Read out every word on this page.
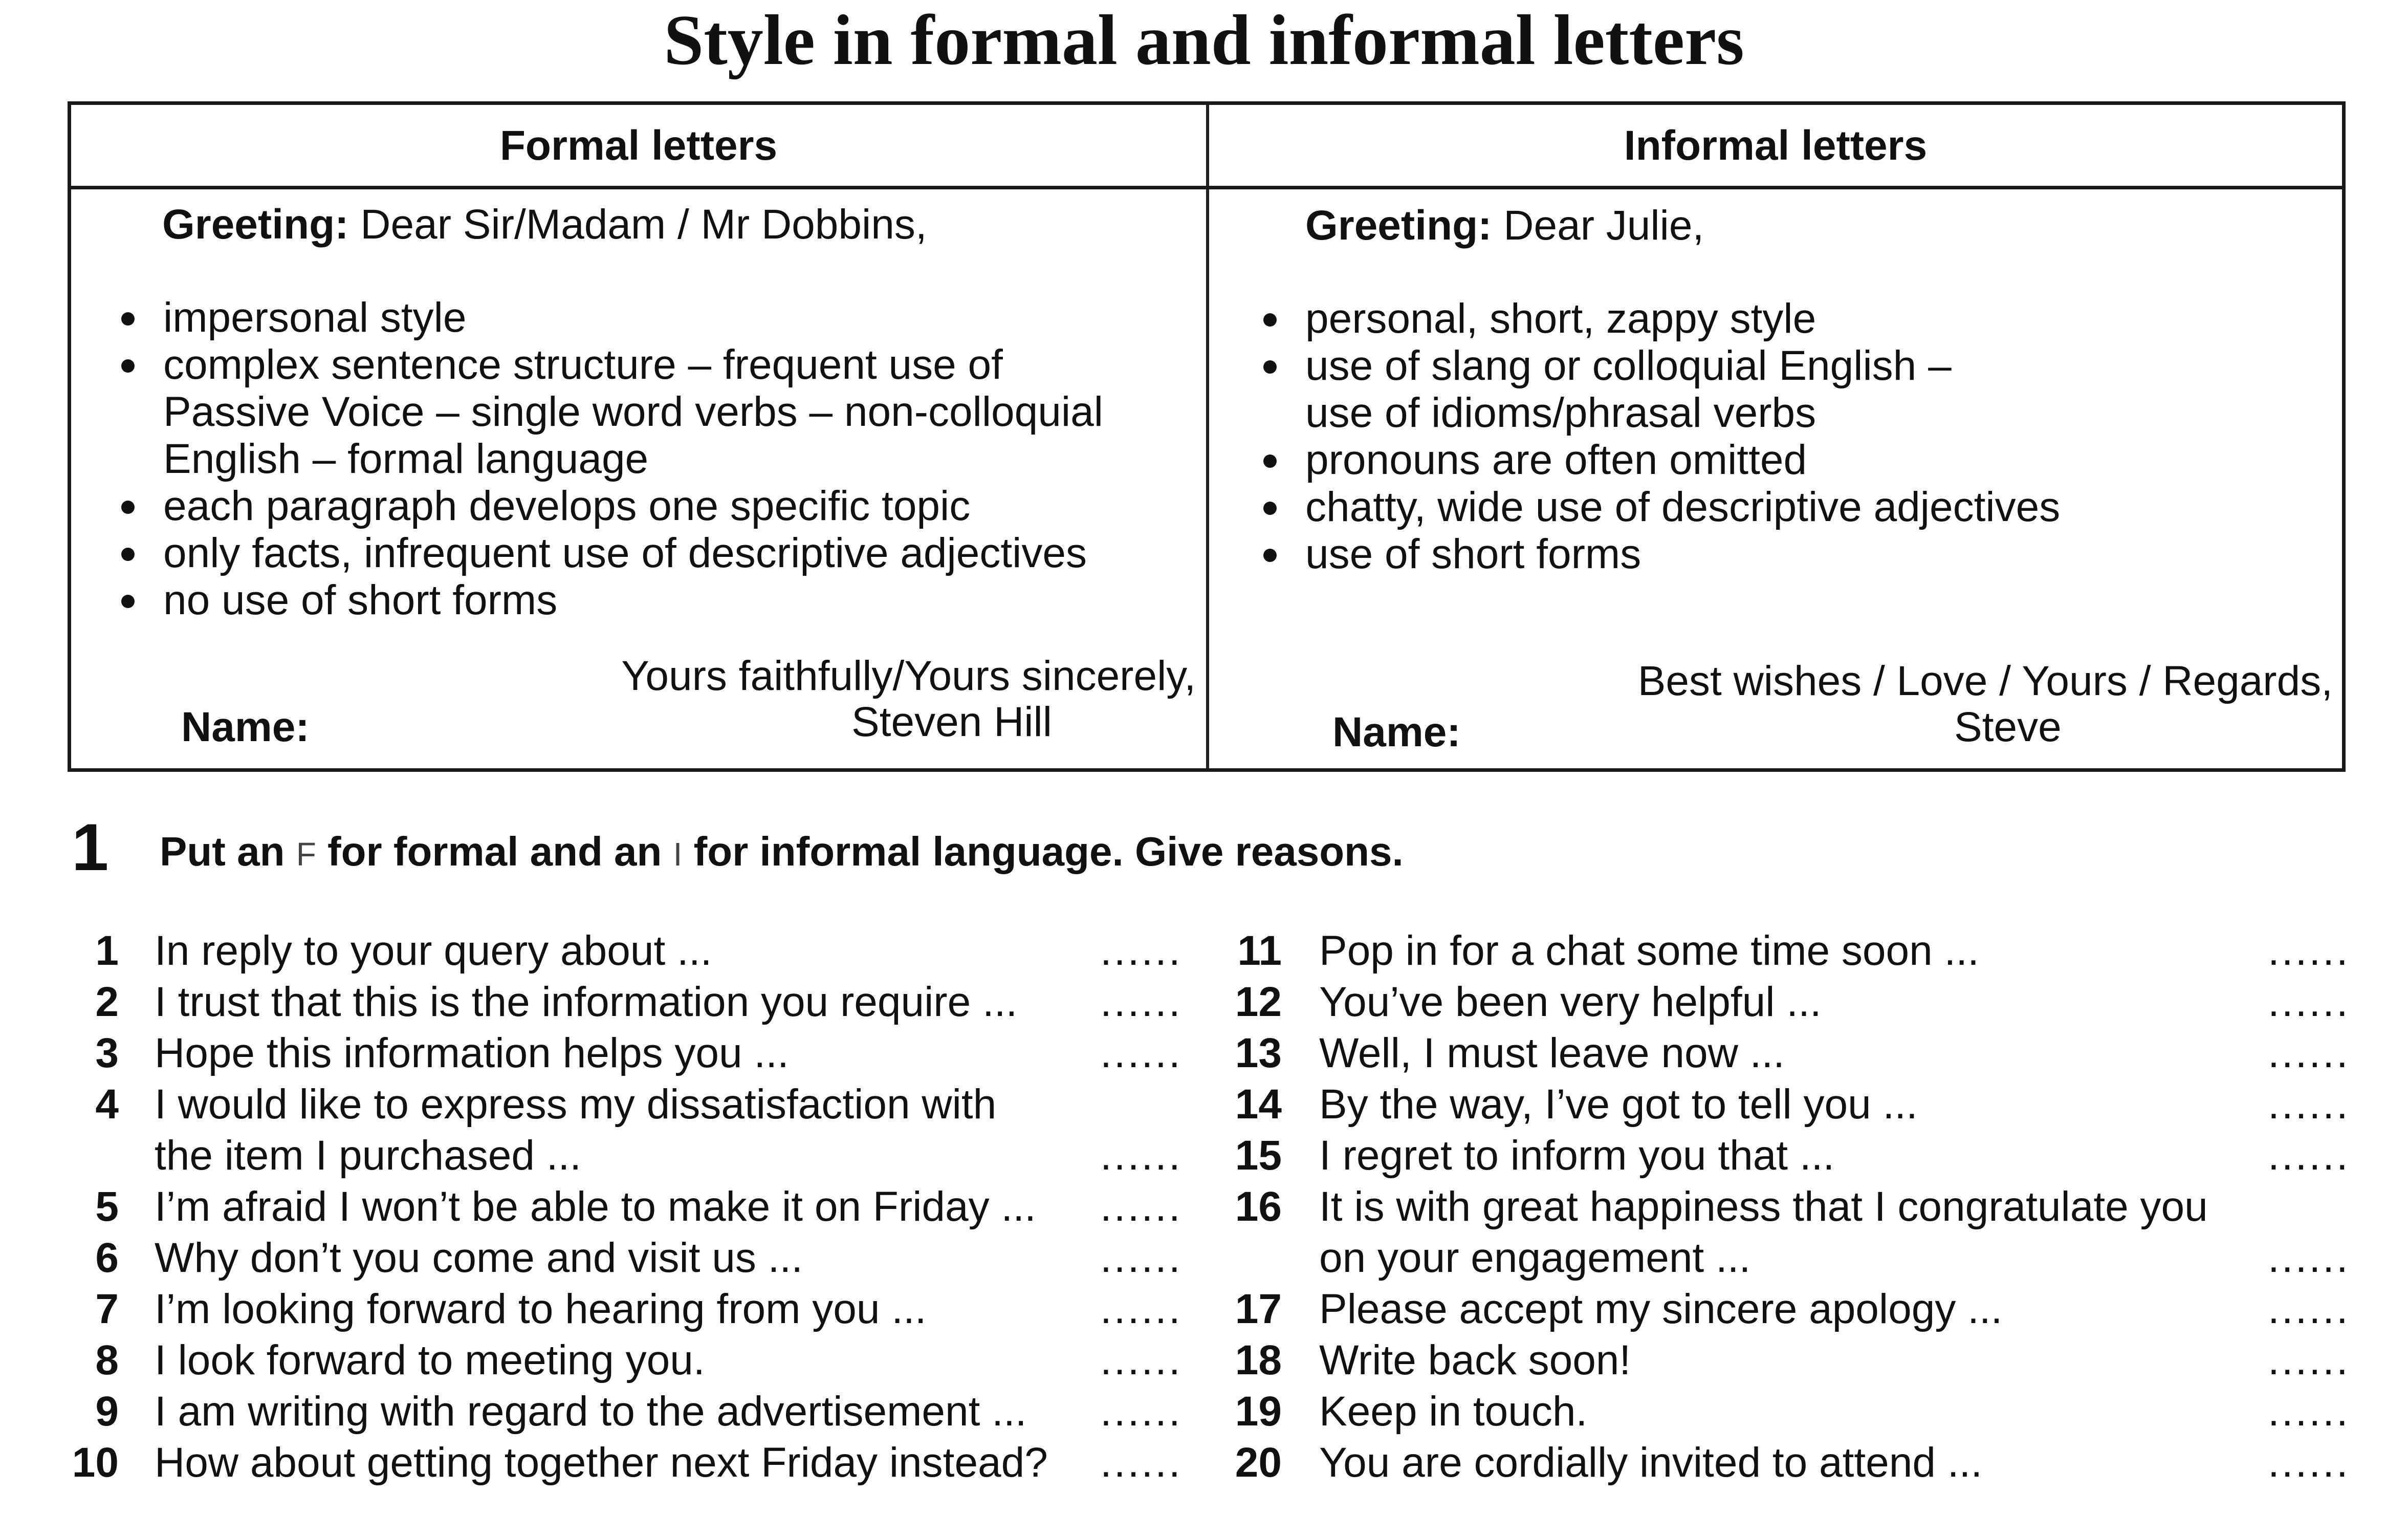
Style in formal and informal letters
Formal letters	Informal letters
Greeting: Dear Sir/Madam / Mr Dobbins,
impersonal style
complex sentence structure – frequent use of
Passive Voice – single word verbs – non-colloquial
English – formal language
each paragraph develops one specific topic
only facts, infrequent use of descriptive adjectives
no use of short forms
Yours faithfully/Yours sincerely,
Name:	Steven Hill
Greeting: Dear Julie,
personal, short, zappy style
use of slang or colloquial English –
use of idioms/phrasal verbs
pronouns are often omitted
chatty, wide use of descriptive adjectives
use of short forms
Best wishes / Love / Yours / Regards,
Name:	Steve
1 Put an F for formal and an I for informal language. Give reasons.
1 In reply to your query about ...	......
2 I trust that this is the information you require ... ......
3 Hope this information helps you ...	......
4 I would like to express my dissatisfaction with
the item I purchased ...	......
5 I’m afraid I won’t be able to make it on Friday ... ......
6 Why don’t you come and visit us ...	......
7 I’m looking forward to hearing from you ...	......
8 I look forward to meeting you.	......
9 I am writing with regard to the advertisement ... ......
10 How about getting together next Friday instead? ......
11 Pop in for a chat some time soon ...	......
12 You’ve been very helpful ...	......
13 Well, I must leave now ...	......
14 By the way, I’ve got to tell you ...	......
15 I regret to inform you that ...	......
16 It is with great happiness that I congratulate you
on your engagement ...	......
17 Please accept my sincere apology ...	......
18 Write back soon!	......
19 Keep in touch.	......
20 You are cordially invited to attend ...	......
